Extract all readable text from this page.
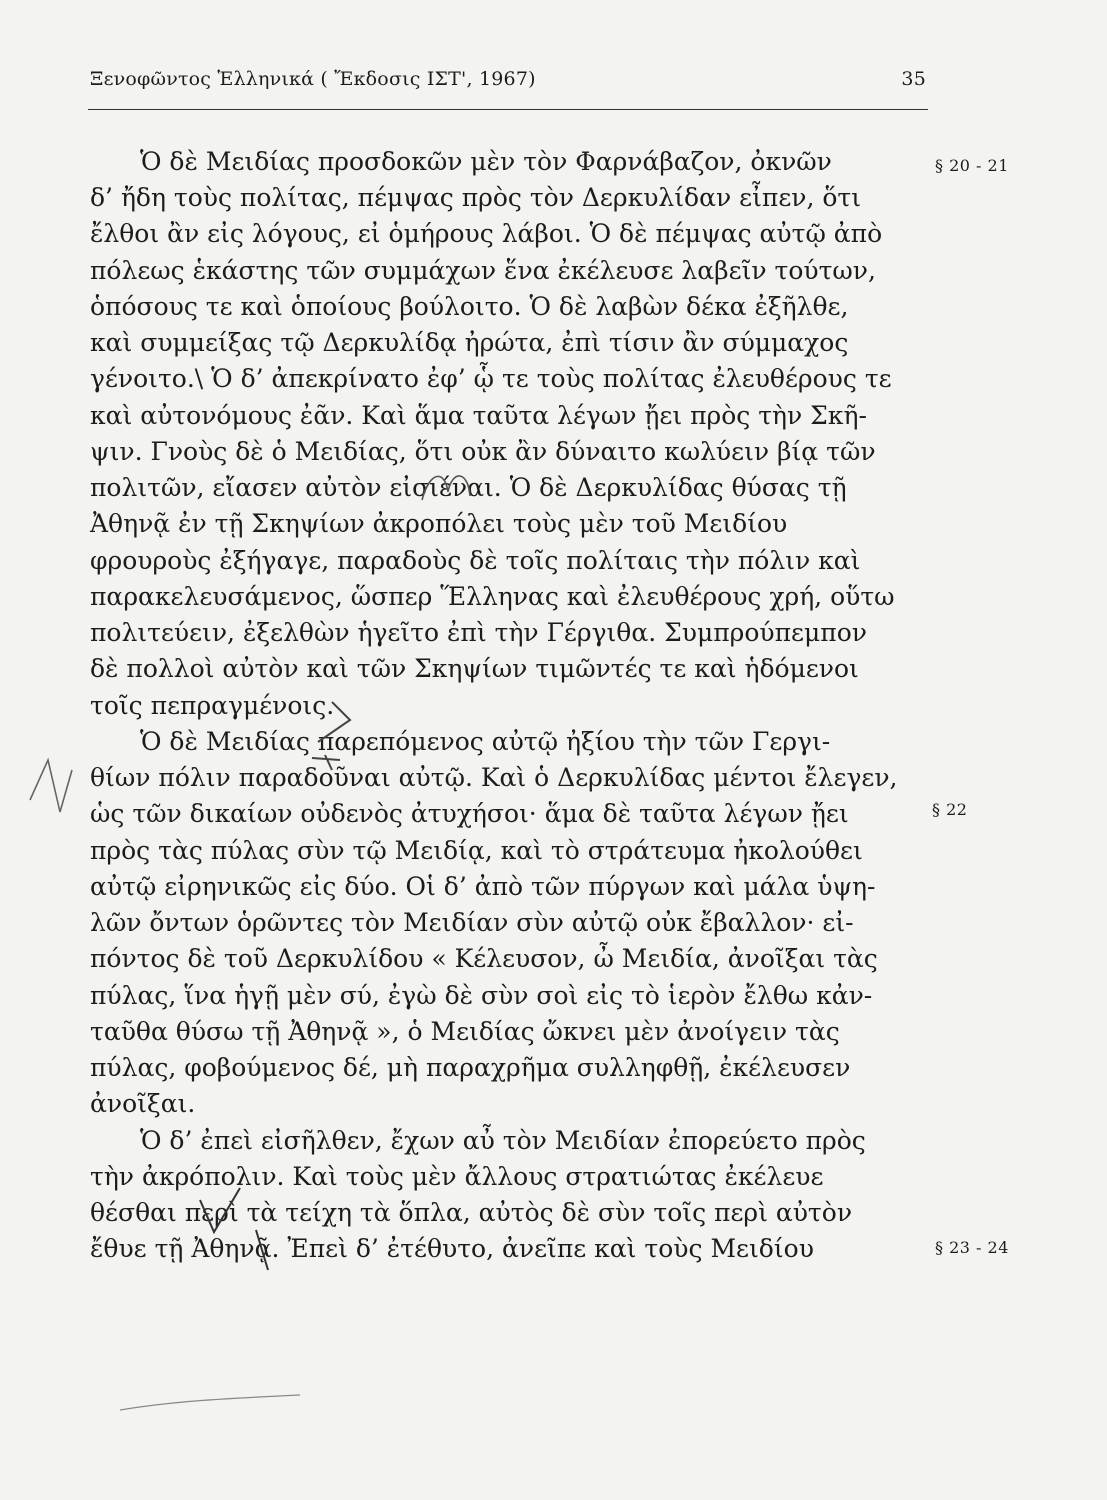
Ξενοφῶντος Ἑλληνικά ( Ἔκδοσις ΙΣΤ', 1967)	35
§ 20 - 21
§ 22
§ 23 - 24
Ὁ δὲ Μειδίας προσδοκῶν μὲν τὸν Φαρνάβαζον, ὀκνῶν
δ’ ἤδη τοὺς πολίτας, πέμψας πρὸς τὸν Δερκυλίδαν εἶπεν, ὅτι
ἔλθοι ἂν εἰς λόγους, εἰ ὁμήρους λάβοι. Ὁ δὲ πέμψας αὐτῷ ἀπὸ
πόλεως ἑκάστης τῶν συμμάχων ἕνα ἐκέλευσε λαβεῖν τούτων,
ὁπόσους τε καὶ ὁποίους βούλοιτο. Ὁ δὲ λαβὼν δέκα ἐξῆλθε,
καὶ συμμείξας τῷ Δερκυλίδᾳ ἠρώτα, ἐπὶ τίσιν ἂν σύμμαχος
γένοιτο.\ Ὁ δ’ ἀπεκρίνατο ἐφ’ ᾧ τε τοὺς πολίτας ἐλευθέρους τε
καὶ αὐτονόμους ἐᾶν. Καὶ ἅμα ταῦτα λέγων ᾔει πρὸς τὴν Σκῆ-
ψιν. Γνοὺς δὲ ὁ Μειδίας, ὅτι οὐκ ἂν δύναιτο κωλύειν βίᾳ τῶν
πολιτῶν, εἴασεν αὐτὸν εἰσιέναι. Ὁ δὲ Δερκυλίδας θύσας τῇ
Ἀθηνᾷ ἐν τῇ Σκηψίων ἀκροπόλει τοὺς μὲν τοῦ Μειδίου
φρουροὺς ἐξήγαγε, παραδοὺς δὲ τοῖς πολίταις τὴν πόλιν καὶ
παρακελευσάμενος, ὥσπερ Ἕλληνας καὶ ἐλευθέρους χρή, οὕτω
πολιτεύειν, ἐξελθὼν ἡγεῖτο ἐπὶ τὴν Γέργιθα. Συμπρούπεμπον
δὲ πολλοὶ αὐτὸν καὶ τῶν Σκηψίων τιμῶντές τε καὶ ἡδόμενοι
τοῖς πεπραγμένοις.
Ὁ δὲ Μειδίας παρεπόμενος αὐτῷ ἠξίου τὴν τῶν Γεργι-
θίων πόλιν παραδοῦναι αὐτῷ. Καὶ ὁ Δερκυλίδας μέντοι ἔλεγεν,
ὡς τῶν δικαίων οὐδενὸς ἀτυχήσοι· ἅμα δὲ ταῦτα λέγων ᾔει
πρὸς τὰς πύλας σὺν τῷ Μειδίᾳ, καὶ τὸ στράτευμα ἠκολούθει
αὐτῷ εἰρηνικῶς εἰς δύο. Οἱ δ’ ἀπὸ τῶν πύργων καὶ μάλα ὑψη-
λῶν ὄντων ὁρῶντες τὸν Μειδίαν σὺν αὐτῷ οὐκ ἔβαλλον· εἰ-
πόντος δὲ τοῦ Δερκυλίδου « Κέλευσον, ὦ Μειδία, ἀνοῖξαι τὰς
πύλας, ἵνα ἡγῇ μὲν σύ, ἐγὼ δὲ σὺν σοὶ εἰς τὸ ἱερὸν ἔλθω κἀν-
ταῦθα θύσω τῇ Ἀθηνᾷ », ὁ Μειδίας ὤκνει μὲν ἀνοίγειν τὰς
πύλας, φοβούμενος δέ, μὴ παραχρῆμα συλληφθῇ, ἐκέλευσεν
ἀνοῖξαι.
Ὁ δ’ ἐπεὶ εἰσῆλθεν, ἔχων αὖ τὸν Μειδίαν ἐπορεύετο πρὸς
τὴν ἀκρόπολιν. Καὶ τοὺς μὲν ἄλλους στρατιώτας ἐκέλευε
θέσθαι περὶ τὰ τείχη τὰ ὅπλα, αὐτὸς δὲ σὺν τοῖς περὶ αὐτὸν
ἔθυε τῇ Ἀθηνᾷ. Ἐπεὶ δ’ ἐτέθυτο, ἀνεῖπε καὶ τοὺς Μειδίου
